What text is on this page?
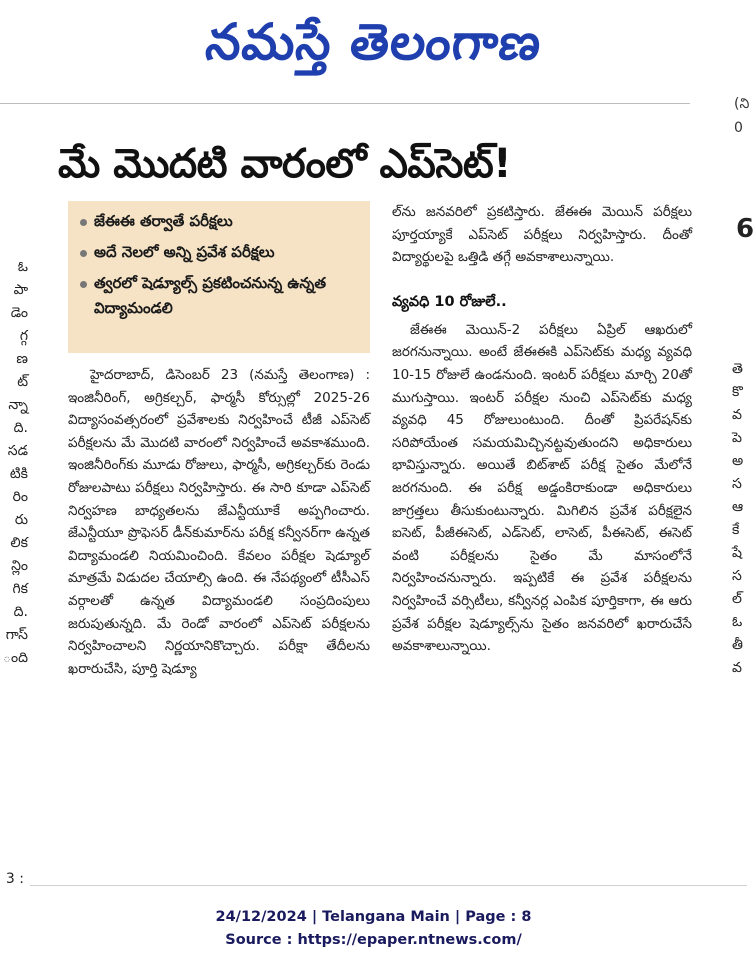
నమస్తే తెలంగాణ
(ని
0
6
మే మొదటి వారంలో ఎప్‌సెట్‌!
జేఈఈ తర్వాతే పరీక్షలు
అదే నెలలో అన్ని ప్రవేశ పరీక్షలు
త్వరలో షెడ్యూల్స్‌ ప్రకటించనున్న ఉన్నత విద్యామండలి
హైదరాబాద్‌, డిసెంబర్‌ 23 (నమస్తే తెలంగాణ) : ఇంజినీరింగ్‌, అగ్రికల్చర్‌, ఫార్మసీ కోర్సుల్లో 2025-26 విద్యాసంవత్సరంలో ప్రవేశాలకు నిర్వహించే టీజీ ఎప్‌సెట్‌ పరీక్షలను మే మొదటి వారంలో నిర్వహించే అవకాశముంది. ఇంజినీరింగ్‌కు మూడు రోజులు, ఫార్మసీ, అగ్రికల్చర్‌కు రెండు రోజులపాటు పరీక్షలు నిర్వహిస్తారు. ఈ సారి కూడా ఎప్‌సెట్‌ నిర్వహణ బాధ్యతలను జేఎన్టీయూకే అప్పగించారు. జేఎన్టీయూ ప్రొఫెసర్‌ డీన్‌కుమార్‌ను పరీక్ష కన్వీనర్‌గా ఉన్నత విద్యామండలి నియమించింది. కేవలం పరీక్షల షెడ్యూల్‌ మాత్రమే విడుదల చేయాల్సి ఉంది. ఈ నేపథ్యంలో టీసీఎస్‌ వర్గాలతో ఉన్నత విద్యామండలి సంప్రదింపులు జరుపుతున్నది. మే రెండో వారంలో ఎప్‌సెట్‌ పరీక్షలను నిర్వహించాలని నిర్ణయానికొచ్చారు. పరీక్షా తేదీలను ఖరారుచేసి, పూర్తి షెడ్యూ

ల్‌ను జనవరిలో ప్రకటిస్తారు. జేఈఈ మెయిన్‌ పరీక్షలు పూర్తయ్యాకే ఎప్‌సెట్‌ పరీక్షలు నిర్వహిస్తారు. దీంతో విద్యార్థులపై ఒత్తిడి తగ్గే అవకాశాలున్నాయి.

వ్యవధి 10 రోజులే..

జేఈఈ మెయిన్‌-2 పరీక్షలు ఏప్రిల్‌ ఆఖరులో జరగనున్నాయి. అంటే జేఈఈకి ఎప్‌సెట్‌కు మధ్య వ్యవధి 10-15 రోజులే ఉండనుంది. ఇంటర్‌ పరీక్షలు మార్చి 20తో ముగుస్తాయి. ఇంటర్‌ పరీక్షల నుంచి ఎప్‌సెట్‌కు మధ్య వ్యవధి 45 రోజులుంటుంది. దీంతో ప్రిపరేషన్‌కు సరిపోయేంత సమయమిచ్చినట్టవుతుందని అధికారులు భావిస్తున్నారు. అయితే బిట్‌శాట్‌ పరీక్ష సైతం మేలోనే జరగనుంది. ఈ పరీక్ష అడ్డంకిరాకుండా అధికారులు జాగ్రత్తలు తీసుకుంటున్నారు. మిగిలిన ప్రవేశ పరీక్షలైన ఐసెట్‌, పీజీఈసెట్‌, ఎడ్‌సెట్‌, లాసెట్‌, పీఈసెట్‌, ఈసెట్‌ వంటి పరీక్షలను సైతం మే మాసంలోనే నిర్వహించనున్నారు. ఇప్పటికే ఈ ప్రవేశ పరీక్షలను నిర్వహించే వర్సిటీలు, కన్వీనర్ల ఎంపిక పూర్తికాగా, ఈ ఆరు ప్రవేశ పరీక్షల షెడ్యూల్స్‌ను సైతం జనవరిలో ఖరారుచేసే అవకాశాలున్నాయి.

ఓ
పా
డెం
గ్గ
ణ
ట్‌
న్నా
ది.
సడ
టికి
రిం
రు
లిక
న్లిం
గిక
ది.
గాస్‌
ంది
3 :
తె
కొ
వ
పె
అ
స
ఆ
కే
షే
స
ల్‌
ఓ
తీ
వ
24/12/2024 | Telangana Main | Page : 8
Source : https://epaper.ntnews.com/
